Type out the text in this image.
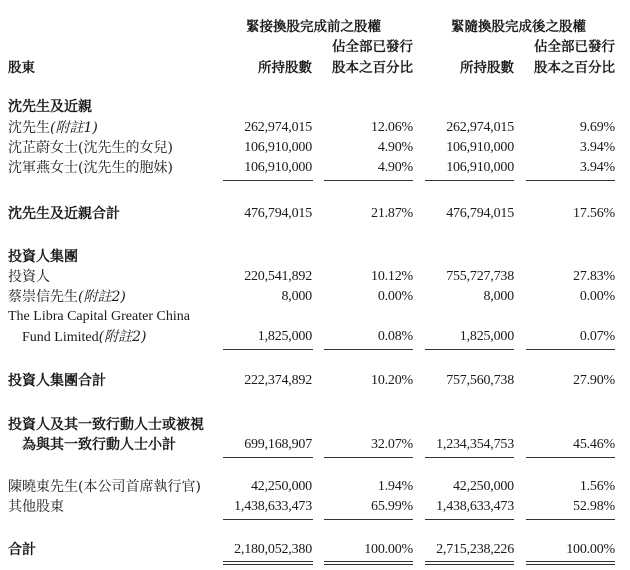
緊接換股完成前之股權	緊隨換股完成後之股權
佔全部已發行	佔全部已發行
股東	所持股數	股本之百分比	所持股數	股本之百分比
沈先生及近親
沈先生(附註1)	262,974,015	12.06%	262,974,015	9.69%
沈芷蔚女士(沈先生的女兒)	106,910,000	4.90%	106,910,000	3.94%
沈軍燕女士(沈先生的胞妹)	106,910,000	4.90%	106,910,000	3.94%
沈先生及近親合計	476,794,015	21.87%	476,794,015	17.56%
投資人集團
投資人	220,541,892	10.12%	755,727,738	27.83%
蔡崇信先生(附註2)	8,000	0.00%	8,000	0.00%
The Libra Capital Greater China
Fund Limited(附註2)	1,825,000	0.08%	1,825,000	0.07%
投資人集團合計	222,374,892	10.20%	757,560,738	27.90%
投資人及其一致行動人士或被視
為與其一致行動人士小計	699,168,907	32.07%	1,234,354,753	45.46%
陳曉東先生(本公司首席執行官)	42,250,000	1.94%	42,250,000	1.56%
其他股東	1,438,633,473	65.99%	1,438,633,473	52.98%
合計	2,180,052,380	100.00%	2,715,238,226	100.00%
